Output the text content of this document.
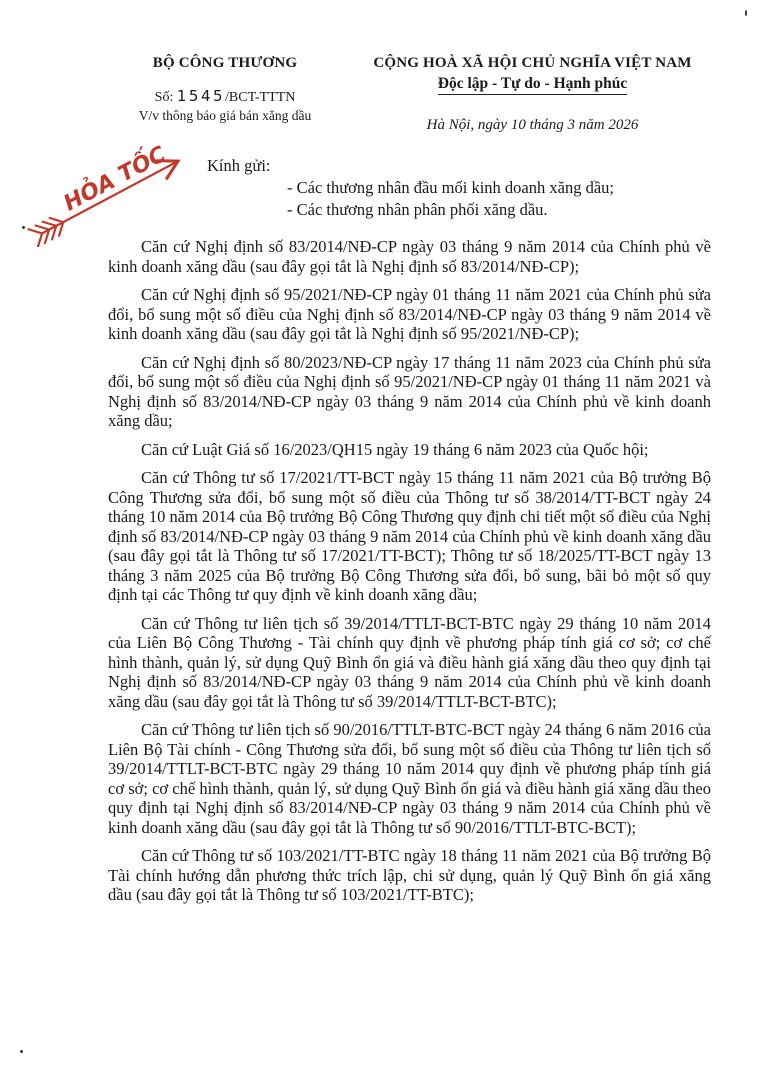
BỘ CÔNG THƯƠNG
Số: 1545/BCT-TTTN
V/v thông báo giá bán xăng dầu
CỘNG HOÀ XÃ HỘI CHỦ NGHĨA VIỆT NAM
Độc lập - Tự do - Hạnh phúc
Hà Nội, ngày 10 tháng 3 năm 2026
HỎA TỐC Kính gửi:
- Các thương nhân đầu mối kinh doanh xăng dầu;
- Các thương nhân phân phối xăng dầu.

Căn cứ Nghị định số 83/2014/NĐ-CP ngày 03 tháng 9 năm 2014 của Chính phủ về kinh doanh xăng dầu (sau đây gọi tắt là Nghị định số 83/2014/NĐ-CP);

Căn cứ Nghị định số 95/2021/NĐ-CP ngày 01 tháng 11 năm 2021 của Chính phủ sửa đổi, bổ sung một số điều của Nghị định số 83/2014/NĐ-CP ngày 03 tháng 9 năm 2014 về kinh doanh xăng dầu (sau đây gọi tắt là Nghị định số 95/2021/NĐ-CP);

Căn cứ Nghị định số 80/2023/NĐ-CP ngày 17 tháng 11 năm 2023 của Chính phủ sửa đổi, bổ sung một số điều của Nghị định số 95/2021/NĐ-CP ngày 01 tháng 11 năm 2021 và Nghị định số 83/2014/NĐ-CP ngày 03 tháng 9 năm 2014 của Chính phủ về kinh doanh xăng dầu;

Căn cứ Luật Giá số 16/2023/QH15 ngày 19 tháng 6 năm 2023 của Quốc hội;

Căn cứ Thông tư số 17/2021/TT-BCT ngày 15 tháng 11 năm 2021 của Bộ trưởng Bộ Công Thương sửa đổi, bổ sung một số điều của Thông tư số 38/2014/TT-BCT ngày 24 tháng 10 năm 2014 của Bộ trưởng Bộ Công Thương quy định chi tiết một số điều của Nghị định số 83/2014/NĐ-CP ngày 03 tháng 9 năm 2014 của Chính phủ về kinh doanh xăng dầu (sau đây gọi tắt là Thông tư số 17/2021/TT-BCT); Thông tư số 18/2025/TT-BCT ngày 13 tháng 3 năm 2025 của Bộ trưởng Bộ Công Thương sửa đổi, bổ sung, bãi bỏ một số quy định tại các Thông tư quy định về kinh doanh xăng dầu;

Căn cứ Thông tư liên tịch số 39/2014/TTLT-BCT-BTC ngày 29 tháng 10 năm 2014 của Liên Bộ Công Thương - Tài chính quy định về phương pháp tính giá cơ sở; cơ chế hình thành, quản lý, sử dụng Quỹ Bình ổn giá và điều hành giá xăng dầu theo quy định tại Nghị định số 83/2014/NĐ-CP ngày 03 tháng 9 năm 2014 của Chính phủ về kinh doanh xăng dầu (sau đây gọi tắt là Thông tư số 39/2014/TTLT-BCT-BTC);

Căn cứ Thông tư liên tịch số 90/2016/TTLT-BTC-BCT ngày 24 tháng 6 năm 2016 của Liên Bộ Tài chính - Công Thương sửa đổi, bổ sung một số điều của Thông tư liên tịch số 39/2014/TTLT-BCT-BTC ngày 29 tháng 10 năm 2014 quy định về phương pháp tính giá cơ sở; cơ chế hình thành, quản lý, sử dụng Quỹ Bình ổn giá và điều hành giá xăng dầu theo quy định tại Nghị định số 83/2014/NĐ-CP ngày 03 tháng 9 năm 2014 của Chính phủ về kinh doanh xăng dầu (sau đây gọi tắt là Thông tư số 90/2016/TTLT-BTC-BCT);

Căn cứ Thông tư số 103/2021/TT-BTC ngày 18 tháng 11 năm 2021 của Bộ trưởng Bộ Tài chính hướng dẫn phương thức trích lập, chi sử dụng, quản lý Quỹ Bình ổn giá xăng dầu (sau đây gọi tắt là Thông tư số 103/2021/TT-BTC);
